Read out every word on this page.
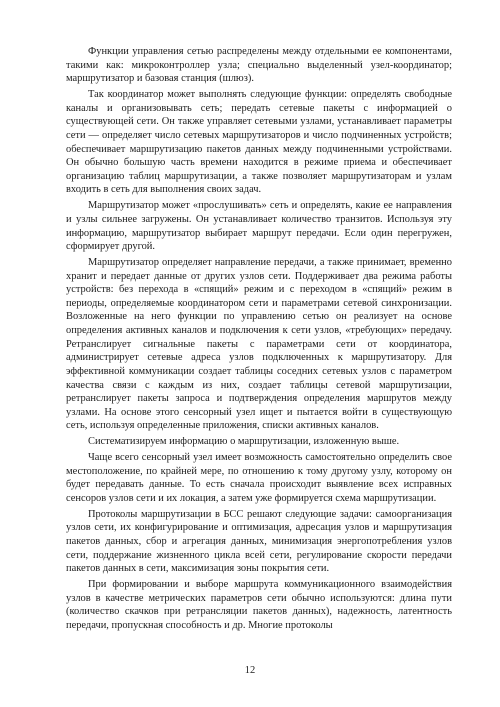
Функции управления сетью распределены между отдельными ее компонентами, такими как: микроконтроллер узла; специально выделенный узел-координатор; маршрутизатор и базовая станция (шлюз).

Так координатор может выполнять следующие функции: определять свободные каналы и организовывать сеть; передать сетевые пакеты с информацией о существующей сети. Он также управляет сетевыми узлами, устанавливает параметры сети — определяет число сетевых маршрутизаторов и число подчиненных устройств; обеспечивает маршрутизацию пакетов данных между подчиненными устройствами. Он обычно большую часть времени находится в режиме приема и обеспечивает организацию таблиц маршрутизации, а также позволяет маршрутизаторам и узлам входить в сеть для выполнения своих задач.

Маршрутизатор может «прослушивать» сеть и определять, какие ее направления и узлы сильнее загружены. Он устанавливает количество транзитов. Используя эту информацию, маршрутизатор выбирает маршрут передачи. Если один перегружен, сформирует другой.

Маршрутизатор определяет направление передачи, а также принимает, временно хранит и передает данные от других узлов сети. Поддерживает два режима работы устройств: без перехода в «спящий» режим и с переходом в «спящий» режим в периоды, определяемые координатором сети и параметрами сетевой синхронизации. Возложенные на него функции по управлению сетью он реализует на основе определения активных каналов и подключения к сети узлов, «требующих» передачу. Ретранслирует сигнальные пакеты с параметрами сети от координатора, администрирует сетевые адреса узлов подключенных к маршрутизатору. Для эффективной коммуникации создает таблицы соседних сетевых узлов с параметром качества связи с каждым из них, создает таблицы сетевой маршрутизации, ретранслирует пакеты запроса и подтверждения определения маршрутов между узлами. На основе этого сенсорный узел ищет и пытается войти в существующую сеть, используя определенные приложения, списки активных каналов.

Систематизируем информацию о маршрутизации, изложенную выше.

Чаще всего сенсорный узел имеет возможность самостоятельно определить свое местоположение, по крайней мере, по отношению к тому другому узлу, которому он будет передавать данные. То есть сначала происходит выявление всех исправных сенсоров узлов сети и их локация, а затем уже формируется схема маршрутизации.

Протоколы маршрутизации в БСС решают следующие задачи: самоорганизация узлов сети, их конфигурирование и оптимизация, адресация узлов и маршрутизация пакетов данных, сбор и агрегация данных, минимизация энергопотребления узлов сети, поддержание жизненного цикла всей сети, регулирование скорости передачи пакетов данных в сети, максимизация зоны покрытия сети.

При формировании и выборе маршрута коммуникационного взаимодействия узлов в качестве метрических параметров сети обычно используются: длина пути (количество скачков при ретрансляции пакетов данных), надежность, латентность передачи, пропускная способность и др. Многие протоколы

12
